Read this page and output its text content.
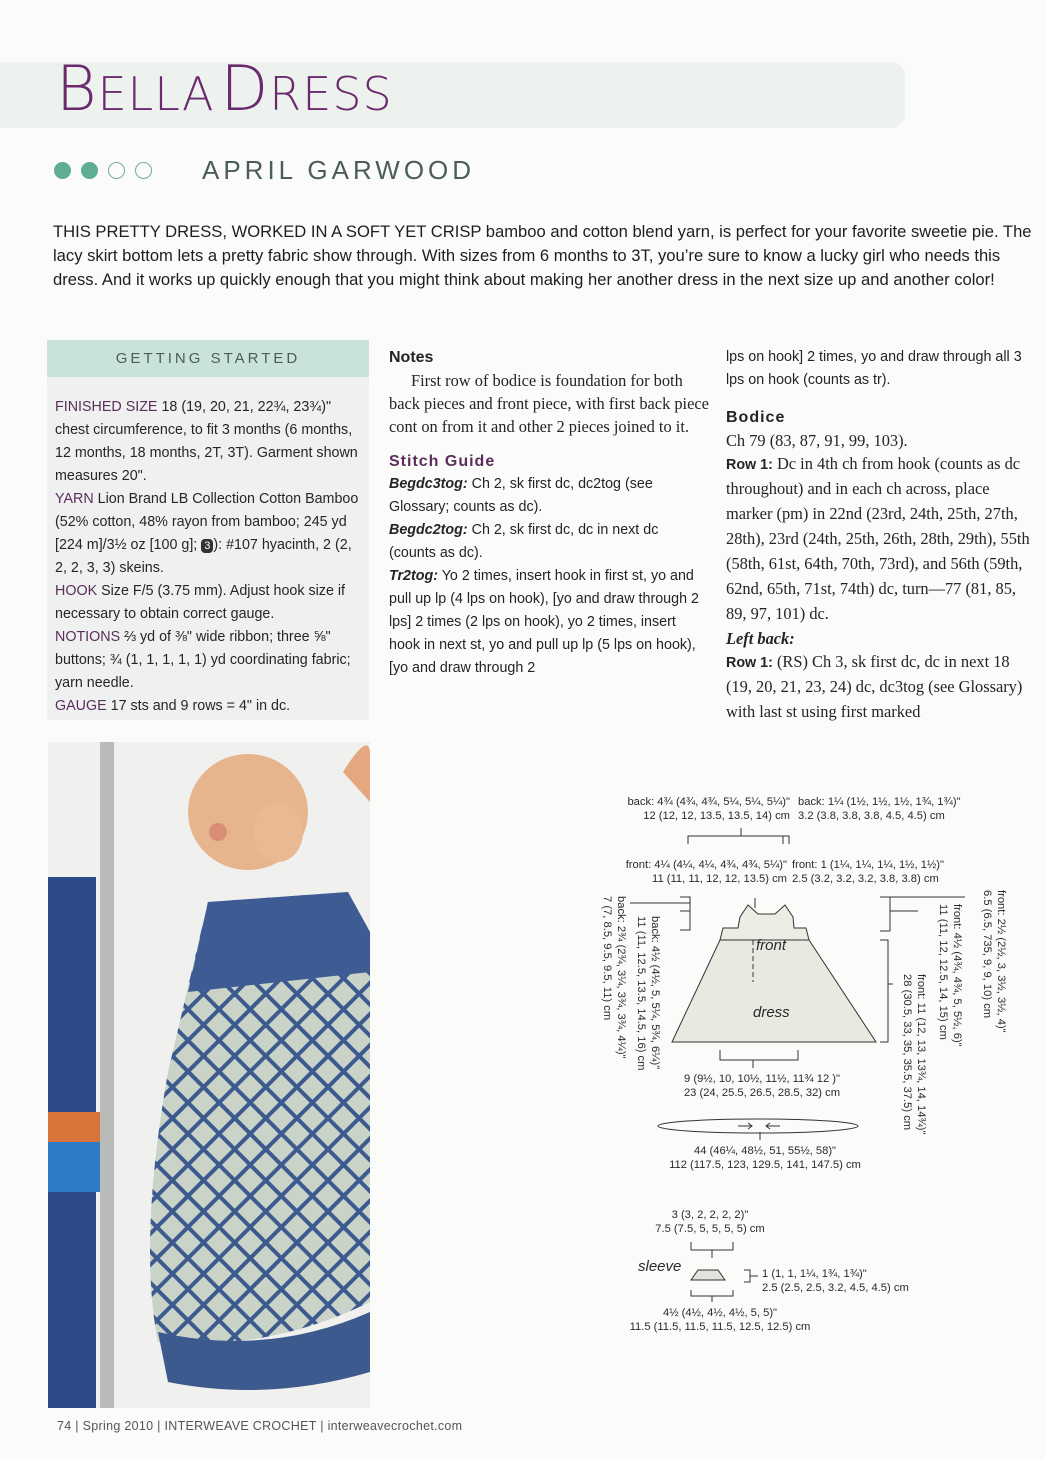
BELLA DRESS
APRIL GARWOOD
THIS PRETTY DRESS, WORKED IN A SOFT YET CRISP bamboo and cotton blend yarn, is perfect for your favorite sweetie pie. The lacy skirt bottom lets a pretty fabric show through. With sizes from 6 months to 3T, you’re sure to know a lucky girl who needs this dress. And it works up quickly enough that you might think about making her another dress in the next size up and another color!
GETTING STARTED
FINISHED SIZE 18 (19, 20, 21, 22¾, 23¾)" chest circumference, to fit 3 months (6 months, 12 months, 18 months, 2T, 3T). Garment shown measures 20".
YARN Lion Brand LB Collection Cotton Bamboo (52% cotton, 48% rayon from bamboo; 245 yd [224 m]/3½ oz [100 g]; 3 ): #107 hyacinth, 2 (2, 2, 2, 3, 3) skeins.
HOOK Size F/5 (3.75 mm). Adjust hook size if necessary to obtain correct gauge.
NOTIONS ⅔ yd of ⅜" wide ribbon; three ⅝" buttons; ¾ (1, 1, 1, 1, 1) yd coordinating fabric; yarn needle.
GAUGE 17 sts and 9 rows = 4" in dc.
Notes
First row of bodice is foundation for both back pieces and front piece, with first back piece cont on from it and other 2 pieces joined to it.
Stitch Guide
Begdc3tog: Ch 2, sk first dc, dc2tog (see Glossary; counts as dc).
Begdc2tog: Ch 2, sk first dc, dc in next dc (counts as dc).
Tr2tog: Yo 2 times, insert hook in first st, yo and pull up lp (4 lps on hook), [yo and draw through 2 lps] 2 times (2 lps on hook), yo 2 times, insert hook in next st, yo and pull up lp (5 lps on hook), [yo and draw through 2
lps on hook] 2 times, yo and draw through all 3 lps on hook (counts as tr).
Bodice
Ch 79 (83, 87, 91, 99, 103).
Row 1: Dc in 4th ch from hook (counts as dc throughout) and in each ch across, place marker (pm) in 22nd (23rd, 24th, 25th, 27th, 28th), 23rd (24th, 25th, 26th, 28th, 29th), 55th (58th, 61st, 64th, 70th, 73rd), and 56th (59th, 62nd, 65th, 71st, 74th) dc, turn—77 (81, 85, 89, 97, 101) dc.
Left back:
Row 1: (RS) Ch 3, sk first dc, dc in next 18 (19, 20, 21, 23, 24) dc, dc3tog (see Glossary) with last st using first marked
back: 4¾ (4¾, 4¾, 5¼, 5¼, 5¼)"
12 (12, 12, 13.5, 13.5, 14) cm
back: 1¼ (1½, 1½, 1½, 1¾, 1¾)"
3.2 (3.8, 3.8, 3.8, 4.5, 4.5) cm
front: 4¼ (4¼, 4¼, 4¾, 4¾, 5¼)"
11 (11, 11, 12, 12, 13.5) cm
front: 1 (1¼, 1¼, 1¼, 1½, 1½)"
2.5 (3.2, 3.2, 3.2, 3.8, 3.8) cm
back: 2¾ (2¾, 3¼, 3¾, 3¾, 4¼)"
7 (7, 8.5, 9.5, 9.5, 11) cm	back: 4½ (4½, 5, 5¼, 5¾, 6¼)"
11 (11, 12.5, 13.5, 14.5, 16) cm	front: 2½ (2½, 3, 3½, 3½, 4)"
6.5 (6.5, 735, 9, 9, 10) cm
front: 4½ (4¾, 4¾, 5, 5½, 6)"
11 (11, 12, 12.5, 14, 15) cm
front: 11 (12, 13, 13¾, 14, 14¾)"
28 (30.5, 33, 35, 35.5, 37.5) cm
front
dress
9 (9½, 10, 10½, 11½, 11¾ 12 )"
23 (24, 25.5, 26.5, 28.5, 32) cm
44 (46¼, 48½, 51, 55½, 58)"
112 (117.5, 123, 129.5, 141, 147.5) cm
sleeve
3 (3, 2, 2, 2, 2)"
7.5 (7.5, 5, 5, 5, 5) cm
1 (1, 1, 1¼, 1¾, 1¾)"
2.5 (2.5, 2.5, 3.2, 4.5, 4.5) cm
4½ (4½, 4½, 4½, 5, 5)"
11.5 (11.5, 11.5, 11.5, 12.5, 12.5) cm
74 | Spring 2010 | INTERWEAVE CROCHET | interweavecrochet.com
